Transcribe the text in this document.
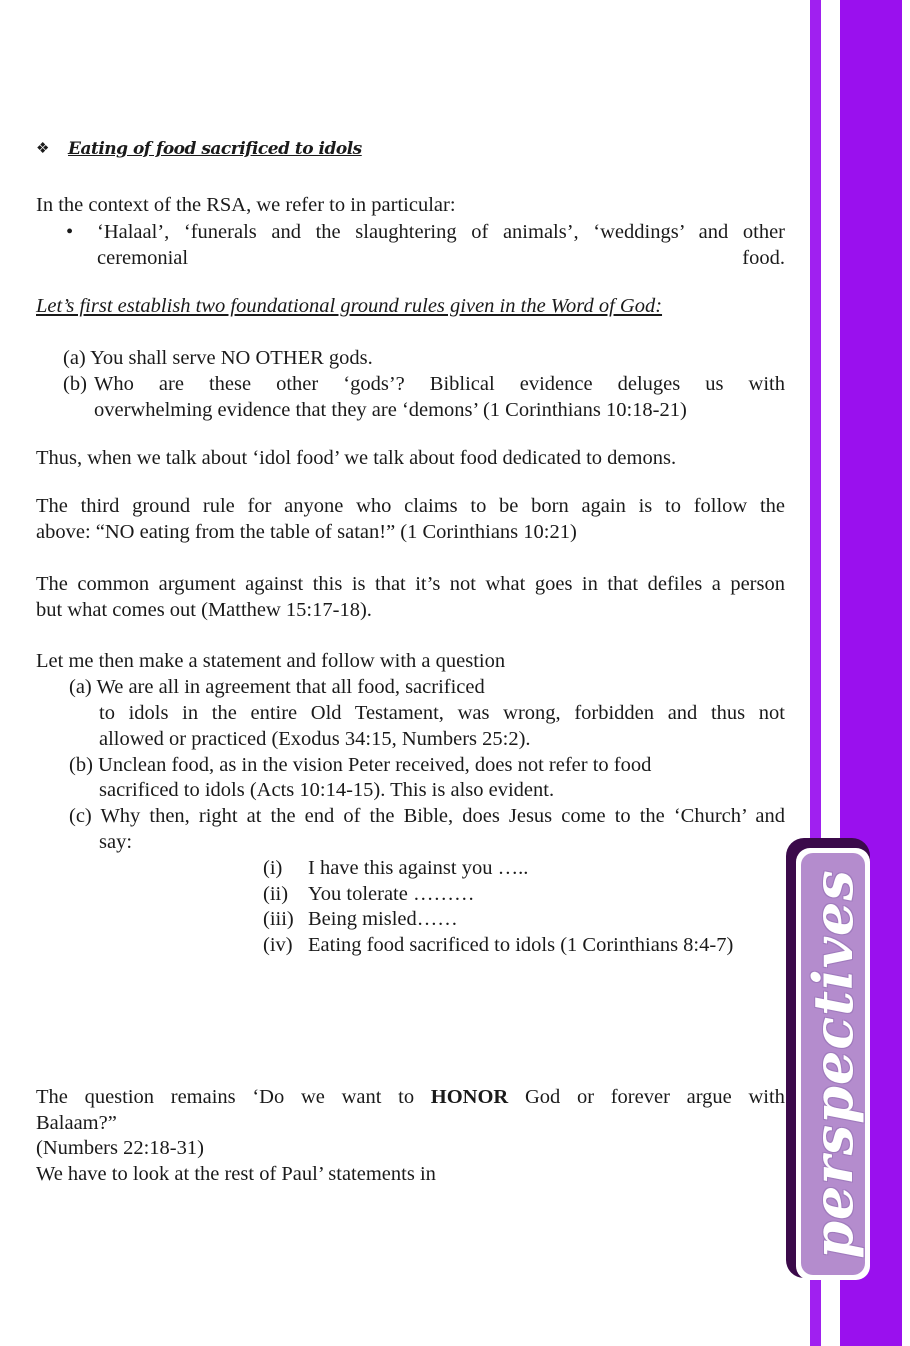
perspectives
❖ Eating of food sacrificed to idols
In the context of the RSA, we refer to in particular:
• ‘Halaal’, ‘funerals and the slaughtering of animals’, ‘weddings’ and other ceremonial food.
Let’s first establish two foundational ground rules given in the Word of God:
(a) You shall serve NO OTHER gods.
(b) Who are these other ‘gods’? Biblical evidence deluges us with
overwhelming evidence that they are ‘demons’ (1 Corinthians 10:18-21)
Thus, when we talk about ‘idol food’ we talk about food dedicated to demons.
The third ground rule for anyone who claims to be born again is to follow the
above: “NO eating from the table of satan!” (1 Corinthians 10:21)
The common argument against this is that it’s not what goes in that defiles a person
but what comes out (Matthew 15:17-18).
Let me then make a statement and follow with a question
(a) We are all in agreement that all food, sacrificed
to idols in the entire Old Testament, was wrong, forbidden and thus not
allowed or practiced (Exodus 34:15, Numbers 25:2).
(b) Unclean food, as in the vision Peter received, does not refer to food
sacrificed to idols (Acts 10:14-15). This is also evident.
(c) Why then, right at the end of the Bible, does Jesus come to the ‘Church’ and
say:
(i) I have this against you …..
(ii) You tolerate ………
(iii) Being misled……
(iv) Eating food sacrificed to idols (1 Corinthians 8:4-7)
The question remains ‘Do we want to HONOR God or forever argue with
Balaam?”
(Numbers 22:18-31)
We have to look at the rest of Paul’ statements in
